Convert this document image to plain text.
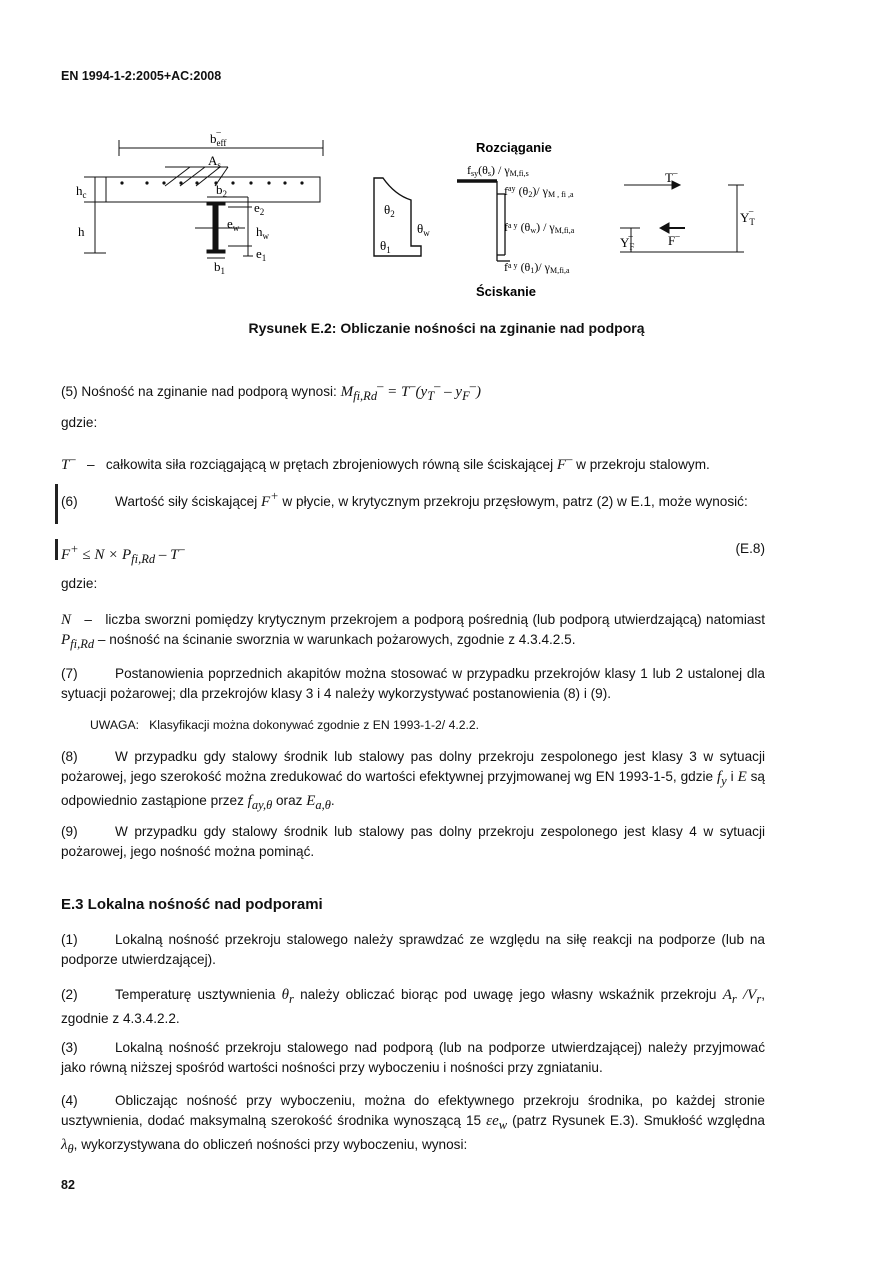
EN 1994-1-2:2005+AC:2008
$b_{eff}-$
$A_s$
$h_c$
h
$b_2$
$b_1$
$e_2$
$e_1$
$e_w$ $h_w$
$\theta_2$
$\theta_1$
$\theta_w$
Rozciąganie
Ściskanie
fsy(θs) / γM,fi,s
$f^{ay}$ (θ2)/ γM , fi ,a
$f^{a y}$ (θw) / γM,fi,a
$f^{a y}$ (θ1)/ γM,fi,a
T–
F–
$Y_T-$
$Y_F-$
Rysunek E.2: Obliczanie nośności na zginanie nad podporą
(5) Nośność na zginanie nad podporą wynosi: $M_{fi,Rd}^- = T^-(y_T^- - y_F^-)$
gdzie:
T– – całkowita siła rozciągającą w prętach zbrojeniowych równą sile ściskającej F– w przekroju stalowym.
(6)	Wartość siły ściskającej F+ w płycie, w krytycznym przekroju przęsłowym, patrz (2) w E.1, może wynosić:
$F^+ \le N \times P_{fi,Rd} - T^-$	(E.8)
gdzie:
N – liczba sworzni pomiędzy krytycznym przekrojem a podporą pośrednią (lub podporą utwierdzającą) natomiast $P_{fi,Rd}$ – nośność na ścinanie sworznia w warunkach pożarowych, zgodnie z 4.3.4.2.5.
(7)	Postanowienia poprzednich akapitów można stosować w przypadku przekrojów klasy 1 lub 2 ustalonej dla sytuacji pożarowej; dla przekrojów klasy 3 i 4 należy wykorzystywać postanowienia (8) i (9).
UWAGA: Klasyfikacji można dokonywać zgodnie z EN 1993-1-2/ 4.2.2.
(8)	W przypadku gdy stalowy środnik lub stalowy pas dolny przekroju zespolonego jest klasy 3 w sytuacji pożarowej, jego szerokość można zredukować do wartości efektywnej przyjmowanej wg EN 1993-1-5, gdzie $f_y$ i E są odpowiednio zastąpione przez $f_{ay,\theta}$ oraz $E_{a,\theta}$.
(9)	W przypadku gdy stalowy środnik lub stalowy pas dolny przekroju zespolonego jest klasy 4 w sytuacji pożarowej, jego nośność można pominąć.
E.3 Lokalna nośność nad podporami
(1)	Lokalną nośność przekroju stalowego należy sprawdzać ze względu na siłę reakcji na podporze (lub na podporze utwierdzającej).
(2)	Temperaturę usztywnienia $\theta_r$ należy obliczać biorąc pod uwagę jego własny wskaźnik przekroju $A_r$ $/V_r$, zgodnie z 4.3.4.2.2.
(3)	Lokalną nośność przekroju stalowego nad podporą (lub na podporze utwierdzającej) należy przyjmować jako równą niższej spośród wartości nośności przy wyboczeniu i nośności przy zgniataniu.
(4)	Obliczając nośność przy wyboczeniu, można do efektywnego przekroju środnika, po każdej stronie usztywnienia, dodać maksymalną szerokość środnika wynoszącą 15 $\varepsilon e_w$ (patrz Rysunek E.3). Smukłość względna $\lambda_\theta$, wykorzystywana do obliczeń nośności przy wyboczeniu, wynosi:
82
